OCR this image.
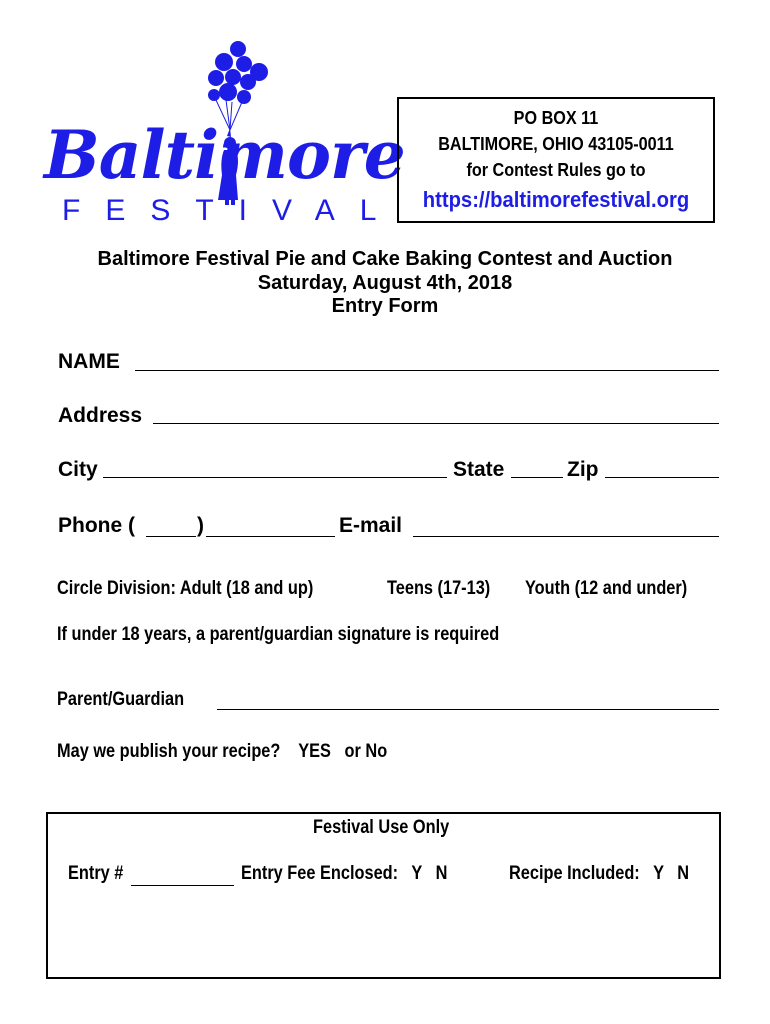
Baltimore
FESTIVAL
PO BOX 11
BALTIMORE, OHIO 43105-0011
for Contest Rules go to
https://baltimorefestival.org
Baltimore Festival Pie and Cake Baking Contest and Auction
Saturday, August 4th, 2018
Entry Form
NAME
Address
City	State	Zip
Phone (	)	E-mail
Circle Division: Adult (18 and up)	Teens (17-13) Youth (12 and under)
If under 18 years, a parent/guardian signature is required
Parent/Guardian
May we publish your recipe?    YES   or No
Festival Use Only
Entry #	Entry Fee Enclosed:   Y   N	Recipe Included:   Y   N
